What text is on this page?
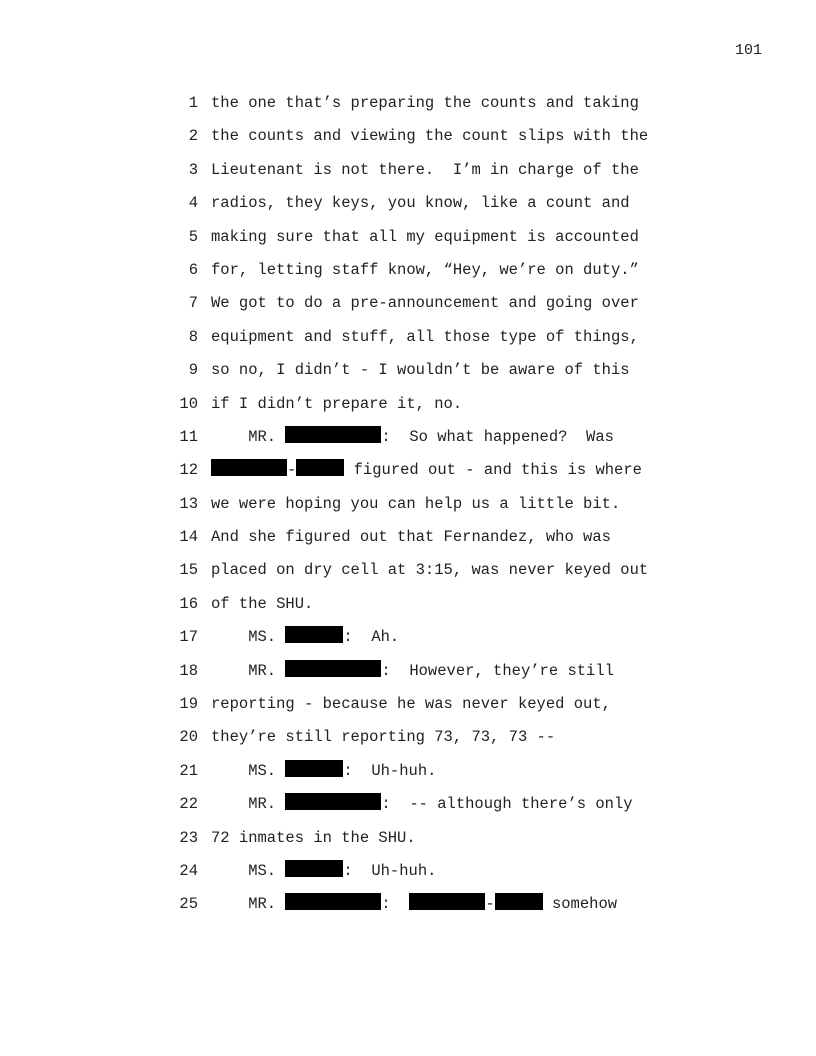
101
1 the one that’s preparing the counts and taking
2 the counts and viewing the count slips with the
3 Lieutenant is not there.  I’m in charge of the
4 radios, they keys, you know, like a count and
5 making sure that all my equipment is accounted
6 for, letting staff know, “Hey, we’re on duty.”
7 We got to do a pre-announcement and going over
8 equipment and stuff, all those type of things,
9 so no, I didn’t - I wouldn’t be aware of this
10 if I didn’t prepare it, no.
11 MR.	:  So what happened?  Was
12	-	figured out - and this is where
13 we were hoping you can help us a little bit.
14 And she figured out that Fernandez, who was
15 placed on dry cell at 3:15, was never keyed out
16 of the SHU.
17 MS.	:  Ah.
18 MR.	:  However, they’re still
19 reporting - because he was never keyed out,
20 they’re still reporting 73, 73, 73 --
21 MS.	:  Uh-huh.
22 MR.	:  -- although there’s only
23 72 inmates in the SHU.
24 MS.	:  Uh-huh.
25 MR.	:	-	somehow
